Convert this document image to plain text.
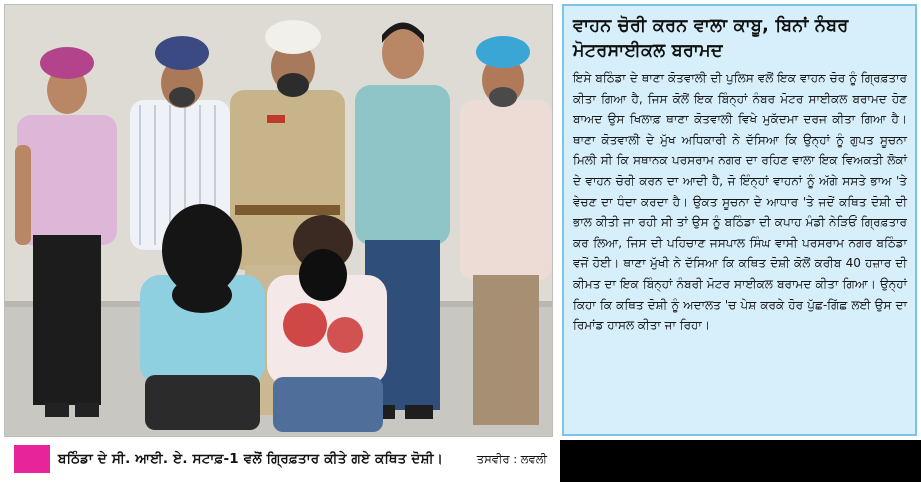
ਬਠਿੰਡਾ ਦੇ ਸੀ. ਆਈ. ਏ. ਸਟਾਫ਼-1 ਵਲੋਂ ਗ੍ਰਿਫ਼ਤਾਰ ਕੀਤੇ ਗਏ ਕਥਿਤ ਦੋਸ਼ੀ।	ਤਸਵੀਰ : ਲਵਲੀ
ਵਾਹਨ ਚੋਰੀ ਕਰਨ ਵਾਲਾ ਕਾਬੂ, ਬਿਨਾਂ ਨੰਬਰ ਮੋਟਰਸਾਈਕਲ ਬਰਾਮਦ

ਇਸੇ ਬਠਿੰਡਾ ਦੇ ਥਾਣਾ ਕੋਤਵਾਲੀ ਦੀ ਪੁਲਿਸ ਵਲੋਂ ਇਕ ਵਾਹਨ ਚੋਰ ਨੂੰ ਗ੍ਰਿਫ਼ਤਾਰ ਕੀਤਾ ਗਿਆ ਹੈ, ਜਿਸ ਕੋਲੋਂ ਇਕ ਬਿੰਨ੍ਹਾਂ ਨੰਬਰ ਮੋਟਰ ਸਾਈਕਲ ਬਰਾਮਦ ਹੋਣ ਬਾਅਦ ਉਸ ਖਿਲਾਫ਼ ਥਾਣਾ ਕੋਤਵਾਲੀ ਵਿਖੇ ਮੁਕੱਦਮਾ ਦਰਜ ਕੀਤਾ ਗਿਆ ਹੈ। ਥਾਣਾ ਕੋਤਵਾਲੀ ਦੇ ਮੁੱਖ ਅਧਿਕਾਰੀ ਨੇ ਦੱਸਿਆ ਕਿ ਉਨ੍ਹਾਂ ਨੂੰ ਗੁਪਤ ਸੂਚਨਾ ਮਿਲੀ ਸੀ ਕਿ ਸਥਾਨਕ ਪਰਸਰਾਮ ਨਗਰ ਦਾ ਰਹਿਣ ਵਾਲਾ ਇਕ ਵਿਅਕਤੀ ਲੋਕਾਂ ਦੇ ਵਾਹਨ ਚੋਰੀ ਕਰਨ ਦਾ ਆਦੀ ਹੈ, ਜੋ ਇੰਨ੍ਹਾਂ ਵਾਹਨਾਂ ਨੂੰ ਅੱਗੇ ਸਸਤੇ ਭਾਅ 'ਤੇ ਵੇਚਣ ਦਾ ਧੰਦਾ ਕਰਦਾ ਹੈ। ਉਕਤ ਸੂਚਨਾ ਦੇ ਆਧਾਰ 'ਤੇ ਜਦੋਂ ਕਥਿਤ ਦੋਸ਼ੀ ਦੀ ਭਾਲ ਕੀਤੀ ਜਾ ਰਹੀ ਸੀ ਤਾਂ ਉਸ ਨੂੰ ਬਠਿੰਡਾ ਦੀ ਕਪਾਹ ਮੰਡੀ ਨੇੜਿਓਂ ਗ੍ਰਿਫ਼ਤਾਰ ਕਰ ਲਿਆ, ਜਿਸ ਦੀ ਪਹਿਚਾਣ ਜਸਪਾਲ ਸਿੰਘ ਵਾਸੀ ਪਰਸਰਾਮ ਨਗਰ ਬਠਿੰਡਾ ਵਜੋਂ ਹੋਈ। ਥਾਣਾ ਮੁੱਖੀ ਨੇ ਦੱਸਿਆ ਕਿ ਕਥਿਤ ਦੋਸ਼ੀ ਕੋਲੋਂ ਕਰੀਬ 40 ਹਜ਼ਾਰ ਦੀ ਕੀਮਤ ਦਾ ਇਕ ਬਿੰਨ੍ਹਾਂ ਨੰਬਰੀ ਮੋਟਰ ਸਾਈਕਲ ਬਰਾਮਦ ਕੀਤਾ ਗਿਆ। ਉਨ੍ਹਾਂ ਕਿਹਾ ਕਿ ਕਥਿਤ ਦੋਸ਼ੀ ਨੂੰ ਅਦਾਲਤ 'ਚ ਪੇਸ਼ ਕਰਕੇ ਹੋਰ ਪੁੱਛ-ਗਿੱਛ ਲਈ ਉਸ ਦਾ ਰਿਮਾਂਡ ਹਾਸਲ ਕੀਤਾ ਜਾ ਰਿਹਾ।
